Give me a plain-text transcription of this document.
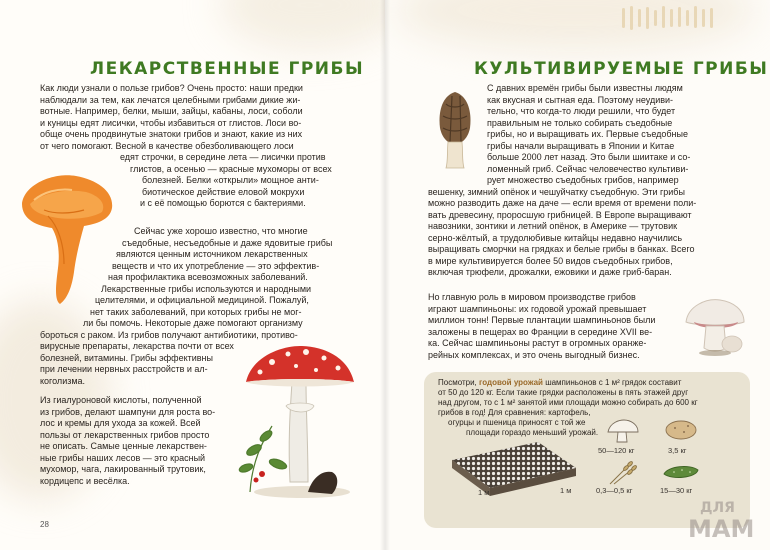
ЛЕКАРСТВЕННЫЕ ГРИБЫ
Как люди узнали о пользе грибов? Очень просто: наши предки
наблюдали за тем, как лечатся целебными грибами дикие жи-
вотные. Например, белки, мыши, зайцы, кабаны, лоси, соболи
и куницы едят лисички, чтобы избавиться от глистов. Лоси во-
обще очень продвинутые знатоки грибов и знают, какие из них
от чего помогают. Весной в качестве обезболивающего лоси
едят строчки, в середине лета — лисички против
глистов, а осенью — красные мухоморы от всех
болезней. Белки «открыли» мощное анти-
биотическое действие еловой мокрухи
и с её помощью борются с бактериями.
Сейчас уже хорошо известно, что многие
съедобные, несъедобные и даже ядовитые грибы
являются ценным источником лекарственных
веществ и что их употребление — это эффектив-
ная профилактика всевозможных заболеваний.
Лекарственные грибы используются и народными
целителями, и официальной медициной. Пожалуй,
нет таких заболеваний, при которых грибы не мог-
ли бы помочь. Некоторые даже помогают организму
бороться с раком. Из грибов получают антибиотики, противо-
вирусные препараты, лекарства почти от всех
болезней, витамины. Грибы эффективны
при лечении нервных расстройств и ал-
коголизма.
Из гиалуроновой кислоты, полученной
из грибов, делают шампуни для роста во-
лос и кремы для ухода за кожей. Всей
пользы от лекарственных грибов просто
не описать. Самые ценные лекарствен-
ные грибы наших лесов — это красный
мухомор, чага, лакированный трутовик,
кордицепс и весёлка.
28
КУЛЬТИВИРУЕМЫЕ ГРИБЫ
С давних времён грибы были известны людям
как вкусная и сытная еда. Поэтому неудиви-
тельно, что когда-то люди решили, что будет
правильным не только собирать съедобные
грибы, но и выращивать их. Первые съедобные
грибы начали выращивать в Японии и Китае
больше 2000 лет назад. Это были шиитаке и со-
ломенный гриб. Сейчас человечество культиви-
рует множество съедобных грибов, например
вешенку, зимний опёнок и чешуйчатку съедобную. Эти грибы
можно разводить даже на даче — если время от времени поли-
вать древесину, проросшую грибницей. В Европе выращивают
навозники, зонтики и летний опёнок, в Америке — трутовик
серно-жёлтый, а трудолюбивые китайцы недавно научились
выращивать сморчки на грядках и белые грибы в банках. Всего
в мире культивируется более 50 видов съедобных грибов,
включая трюфели, дрожалки, ежовики и даже гриб-баран.
Но главную роль в мировом производстве грибов
играют шампиньоны: их годовой урожай превышает
миллион тонн! Первые плантации шампиньонов были
заложены в пещерах во Франции в середине XVII ве-
ка. Сейчас шампиньоны растут в огромных оранже-
рейных комплексах, и это очень выгодный бизнес.
Посмотри, годовой урожай шампиньонов с 1 м² грядок составит
от 50 до 120 кг. Если такие грядки расположены в пять этажей друг
над другом, то с 1 м² занятой ими площади можно собирать до 600 кг
грибов в год! Для сравнения: картофель,
огурцы и пшеница приносят с той же
площади гораздо меньший урожай.
1 м	1 м
50—120 кг	3,5 кг
0,3—0,5 кг	15—30 кг
ДЛЯ
МАМ
